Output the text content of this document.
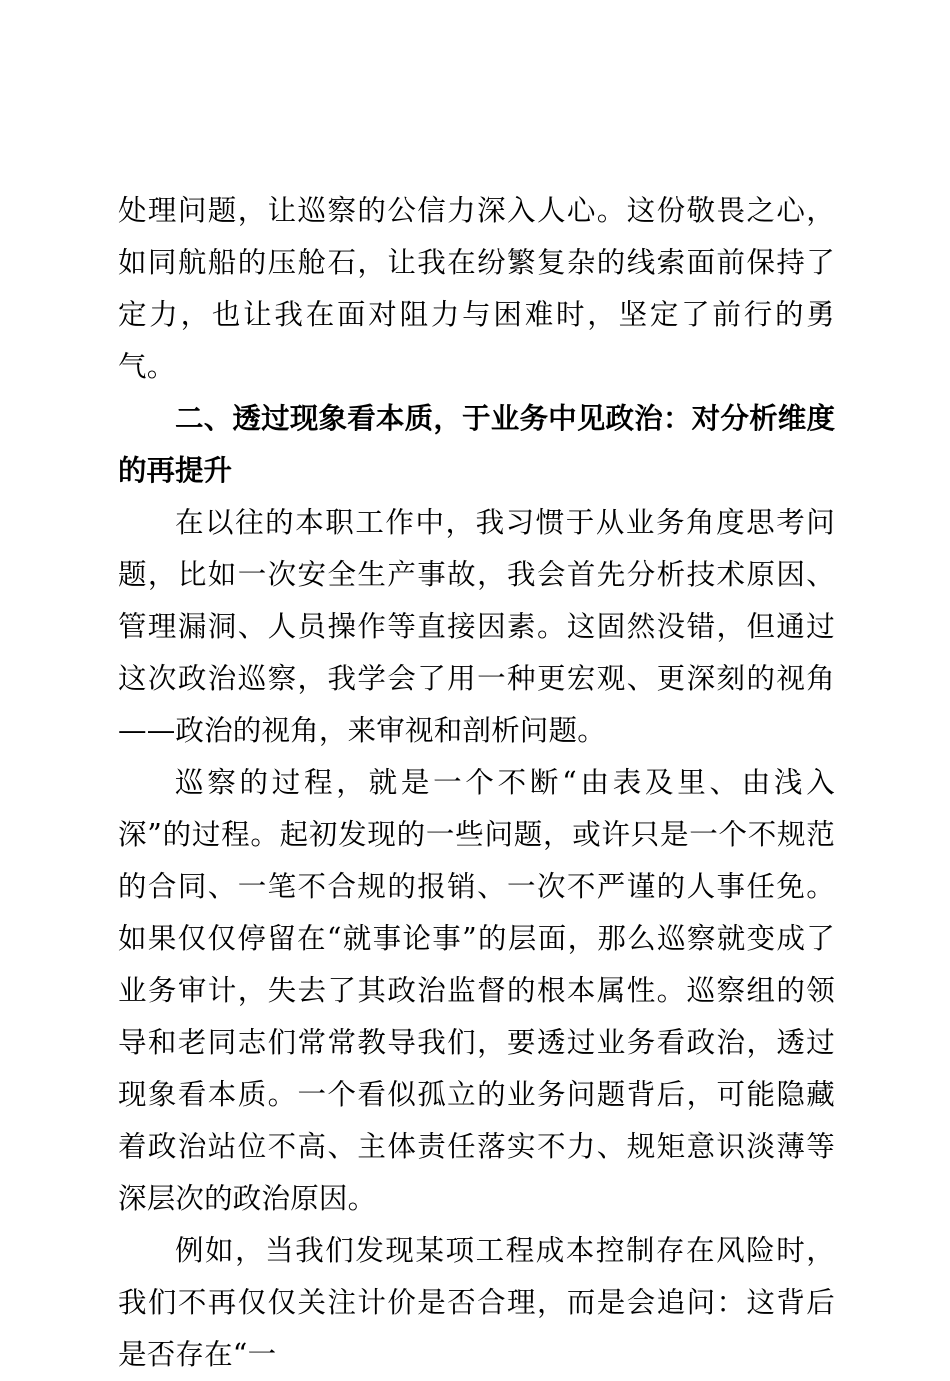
处理问题，让巡察的公信力深入人心。这份敬畏之心，如同航船的压舱石，让我在纷繁复杂的线索面前保持了定力，也让我在面对阻力与困难时，坚定了前行的勇气。

二、透过现象看本质，于业务中见政治：对分析维度的再提升

在以往的本职工作中，我习惯于从业务角度思考问题，比如一次安全生产事故，我会首先分析技术原因、管理漏洞、人员操作等直接因素。这固然没错，但通过这次政治巡察，我学会了用一种更宏观、更深刻的视角——政治的视角，来审视和剖析问题。

巡察的过程，就是一个不断“由表及里、由浅入深”的过程。起初发现的一些问题，或许只是一个不规范的合同、一笔不合规的报销、一次不严谨的人事任免。如果仅仅停留在“就事论事”的层面，那么巡察就变成了业务审计，失去了其政治监督的根本属性。巡察组的领导和老同志们常常教导我们，要透过业务看政治，透过现象看本质。一个看似孤立的业务问题背后，可能隐藏着政治站位不高、主体责任落实不力、规矩意识淡薄等深层次的政治原因。

例如，当我们发现某项工程成本控制存在风险时，我们不再仅仅关注计价是否合理，而是会追问：这背后是否存在“一
